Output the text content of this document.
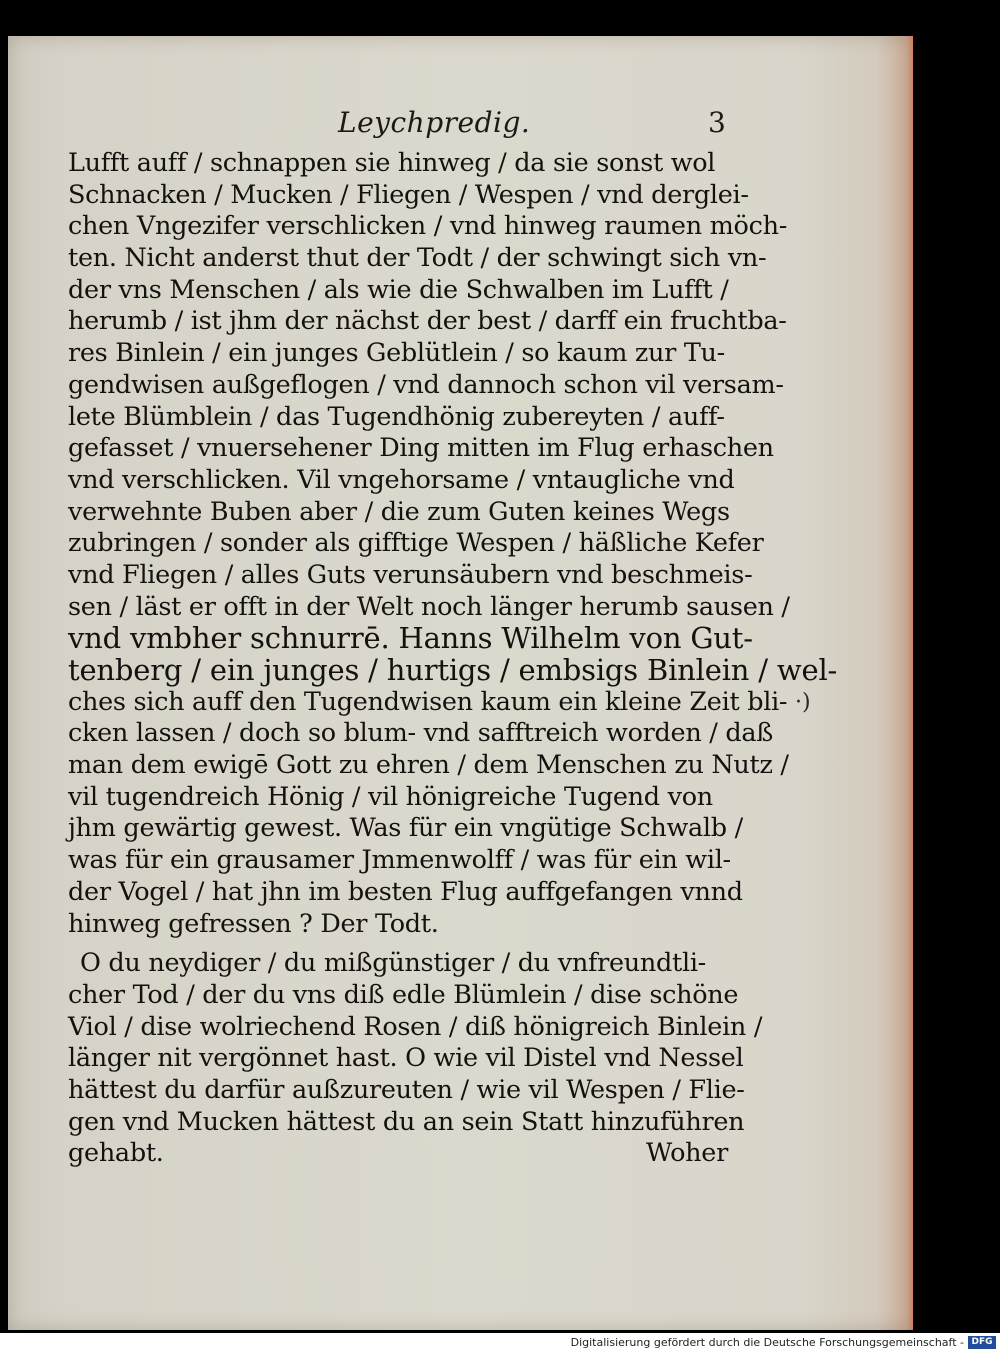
Leychpredig.	3
Lufft auff / schnappen sie hinweg / da sie sonst wol
Schnacken / Mucken / Fliegen / Wespen / vnd derglei-
chen Vngezifer verschlicken / vnd hinweg raumen möch-
ten. Nicht anderst thut der Todt / der schwingt sich vn-
der vns Menschen / als wie die Schwalben im Lufft /
herumb / ist jhm der nächst der best / darff ein fruchtba-
res Binlein / ein junges Geblütlein / so kaum zur Tu-
gendwisen außgeflogen / vnd dannoch schon vil versam-
lete Blümblein / das Tugendhönig zubereyten / auff-
gefasset / vnuersehener Ding mitten im Flug erhaschen
vnd verschlicken. Vil vngehorsame / vntaugliche vnd
verwehnte Buben aber / die zum Guten keines Wegs
zubringen / sonder als gifftige Wespen / häßliche Kefer
vnd Fliegen / alles Guts verunsäubern vnd beschmeis-
sen / läst er offt in der Welt noch länger herumb sausen /
vnd vmbher schnurrē. Hanns Wilhelm von Gut-
tenberg / ein junges / hurtigs / embsigs Binlein / wel-
ches sich auff den Tugendwisen kaum ein kleine Zeit bli-
cken lassen / doch so blum- vnd safftreich worden / daß
man dem ewigē Gott zu ehren / dem Menschen zu Nutz /
vil tugendreich Hönig / vil hönigreiche Tugend von
jhm gewärtig gewest. Was für ein vngütige Schwalb /
was für ein grausamer Jmmenwolff / was für ein wil-
der Vogel / hat jhn im besten Flug auffgefangen vnnd
hinweg gefressen ? Der Todt.
O du neydiger / du mißgünstiger / du vnfreundtli-
cher Tod / der du vns diß edle Blümlein / dise schöne
Viol / dise wolriechend Rosen / diß hönigreich Binlein /
länger nit vergönnet hast. O wie vil Distel vnd Nessel
hättest du darfür außzureuten / wie vil Wespen / Flie-
gen vnd Mucken hättest du an sein Statt hinzuführen
gehabt.	Woher
·)
Digitalisierung gefördert durch die Deutsche Forschungsgemeinschaft - DFG
